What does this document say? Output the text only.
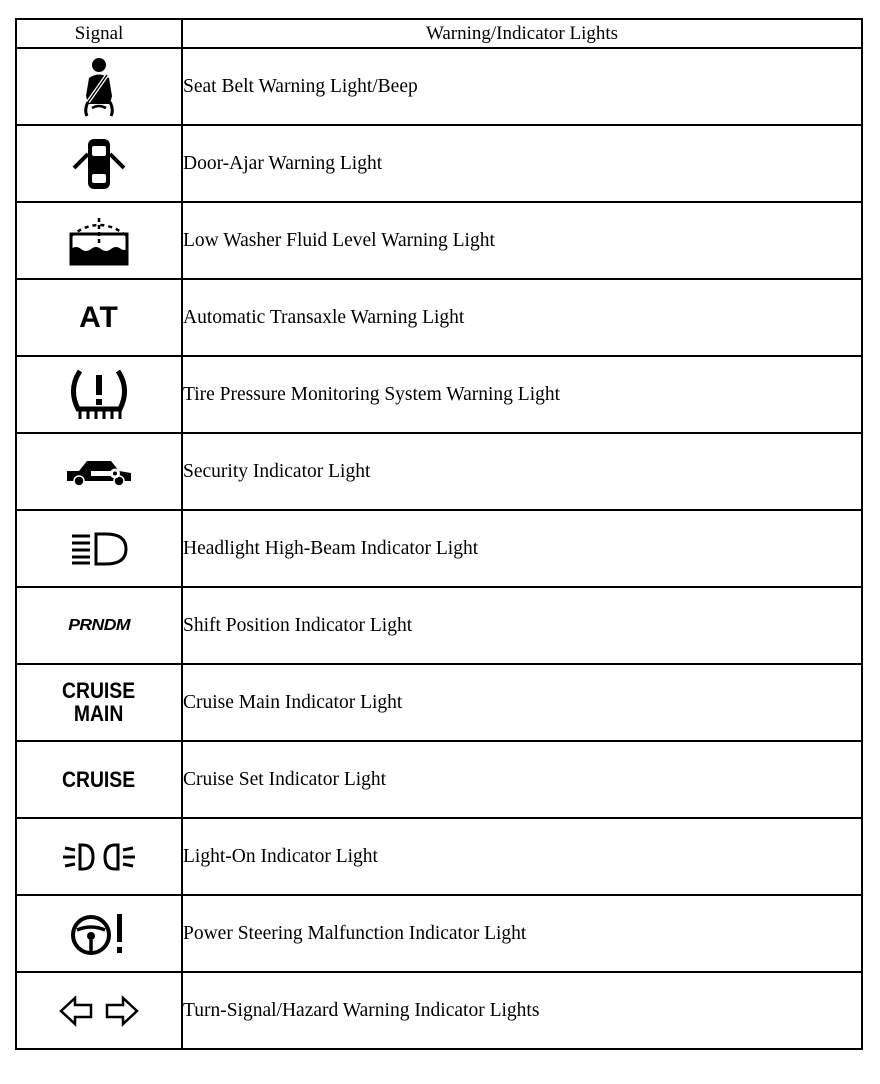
Signal	Warning/Indicator Lights
	Seat Belt Warning Light/Beep
	Door-Ajar Warning Light
	Low Washer Fluid Level Warning Light
AT	Automatic Transaxle Warning Light
	Tire Pressure Monitoring System Warning Light
	Security Indicator Light
	Headlight High-Beam Indicator Light
PRNDM	Shift Position Indicator Light
CRUISE
MAIN	Cruise Main Indicator Light
CRUISE	Cruise Set Indicator Light
	Light-On Indicator Light
	Power Steering Malfunction Indicator Light
	Turn-Signal/Hazard Warning Indicator Lights
